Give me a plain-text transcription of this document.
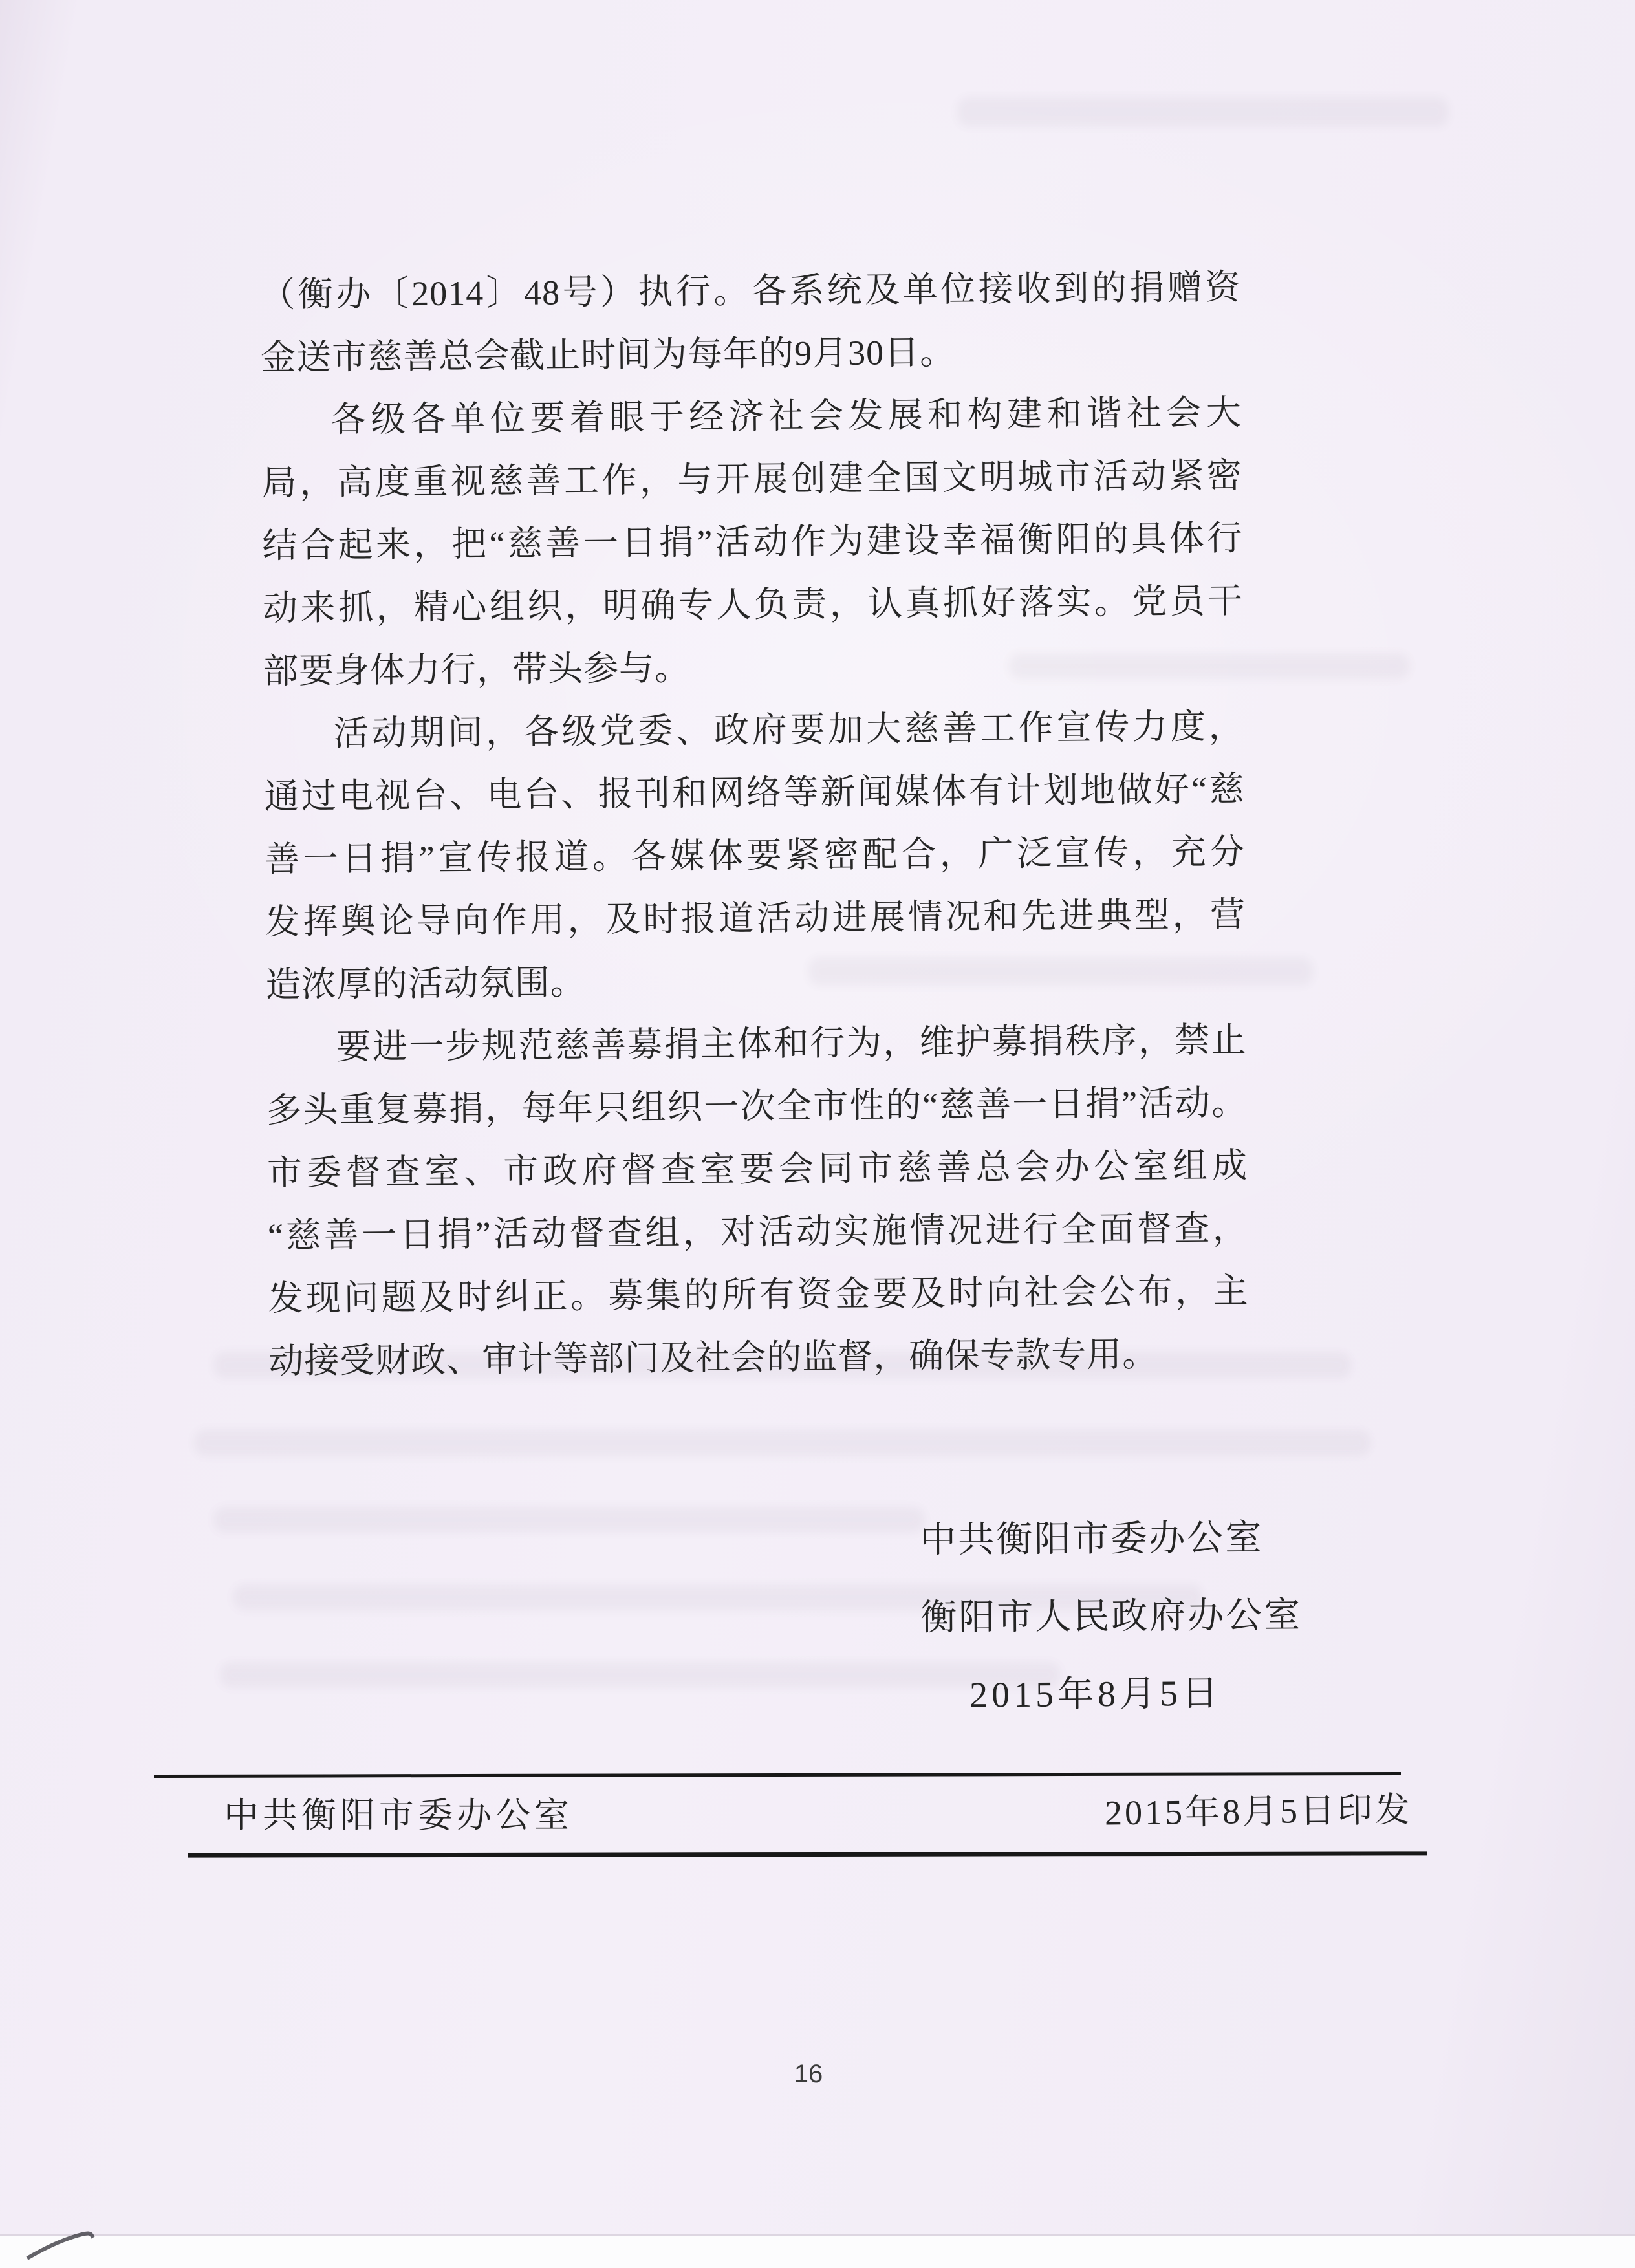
（衡办〔2014〕48号）执行。各系统及单位接收到的捐赠资
金送市慈善总会截止时间为每年的9月30日。
各级各单位要着眼于经济社会发展和构建和谐社会大
局，高度重视慈善工作，与开展创建全国文明城市活动紧密
结合起来，把“慈善一日捐”活动作为建设幸福衡阳的具体行
动来抓，精心组织，明确专人负责，认真抓好落实。党员干
部要身体力行，带头参与。
活动期间，各级党委、政府要加大慈善工作宣传力度，
通过电视台、电台、报刊和网络等新闻媒体有计划地做好“慈
善一日捐”宣传报道。各媒体要紧密配合，广泛宣传，充分
发挥舆论导向作用，及时报道活动进展情况和先进典型，营
造浓厚的活动氛围。
要进一步规范慈善募捐主体和行为，维护募捐秩序，禁止
多头重复募捐，每年只组织一次全市性的“慈善一日捐”活动。
市委督查室、市政府督查室要会同市慈善总会办公室组成
“慈善一日捐”活动督查组，对活动实施情况进行全面督查，
发现问题及时纠正。募集的所有资金要及时向社会公布，主
动接受财政、审计等部门及社会的监督，确保专款专用。
中共衡阳市委办公室
衡阳市人民政府办公室
2015年8月5日
中共衡阳市委办公室	2015年8月5日印发
16
